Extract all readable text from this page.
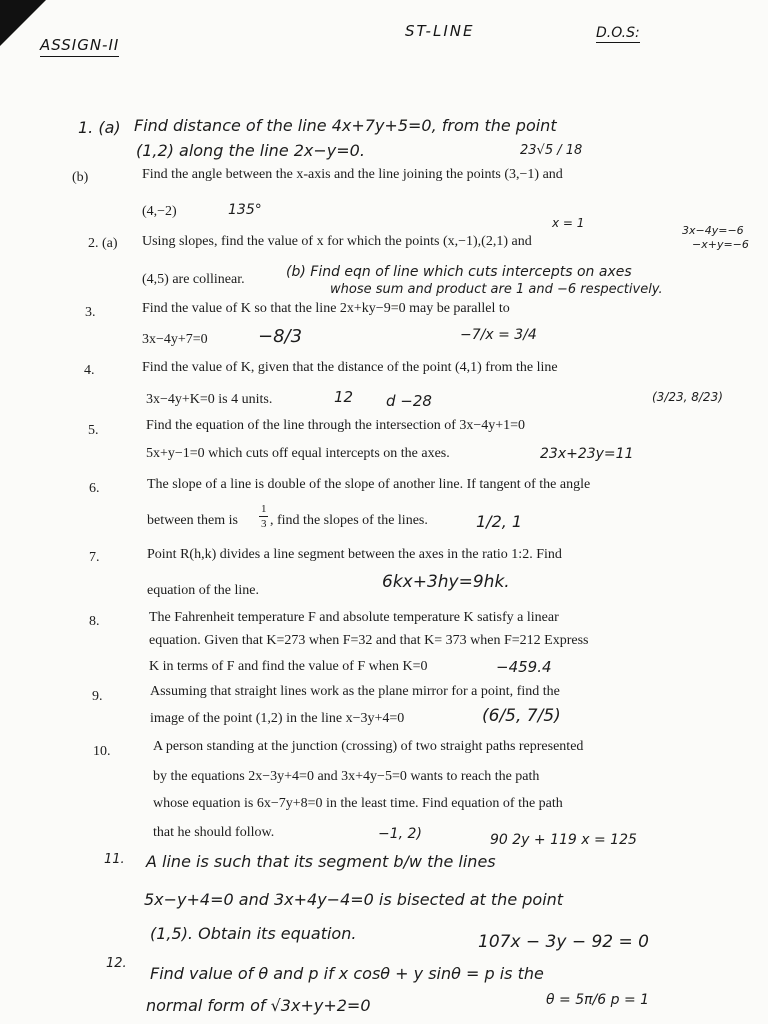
ASSIGN-II
ST-LINE	D.O.S:
1. (a) Find distance of the line 4x+7y+5=0, from the point
(1,2) along the line 2x−y=0.	23√5 / 18
(b)	Find the angle between the x-axis and the line joining the points (3,−1) and
(4,−2)	135°
2. (a) Using slopes, find the value of x for which the points (x,−1),(2,1) and
(4,5) are collinear.	(b) Find eqn of line which cuts intercepts on axes
whose sum and product are 1 and −6 respectively.
x = 1
3x−4y=−6
−x+y=−6
3.	Find the value of K so that the line 2x+ky−9=0 may be parallel to
3x−4y+7=0	−8/3	−7/x = 3/4
4.	Find the value of K, given that the distance of the point (4,1) from the line
3x−4y+K=0 is 4 units.	12 d −28
5.	Find the equation of the line through the intersection of 3x−4y+1=0
5x+y−1=0 which cuts off equal intercepts on the axes.	23x+23y=11
(3/23, 8/23)
6.	The slope of a line is double of the slope of another line. If tangent of the angle
between them is
1
3 , find the slopes of the lines.	1/2, 1
7.	Point R(h,k) divides a line segment between the axes in the ratio 1:2. Find
equation of the line.	6kx+3hy=9hk.
8.	The Fahrenheit temperature F and absolute temperature K satisfy a linear
equation. Given that K=273 when F=32 and that K= 373 when F=212 Express
K in terms of F and find the value of F when K=0	−459.4
9.	Assuming that straight lines work as the plane mirror for a point, find the
image of the point (1,2) in the line x−3y+4=0	(6/5, 7/5)
10.	A person standing at the junction (crossing) of two straight paths represented
by the equations 2x−3y+4=0 and 3x+4y−5=0 wants to reach the path
whose equation is 6x−7y+8=0 in the least time. Find equation of the path
that he should follow.	−1, 2)	90 2y + 119 x = 125
11. A line is such that its segment b/w the lines
5x−y+4=0 and 3x+4y−4=0 is bisected at the point
(1,5). Obtain its equation.	107x − 3y − 92 = 0
12.
Find value of θ and p if x cosθ + y sinθ = p is the
normal form of √3x+y+2=0	θ = 5π/6 p = 1
